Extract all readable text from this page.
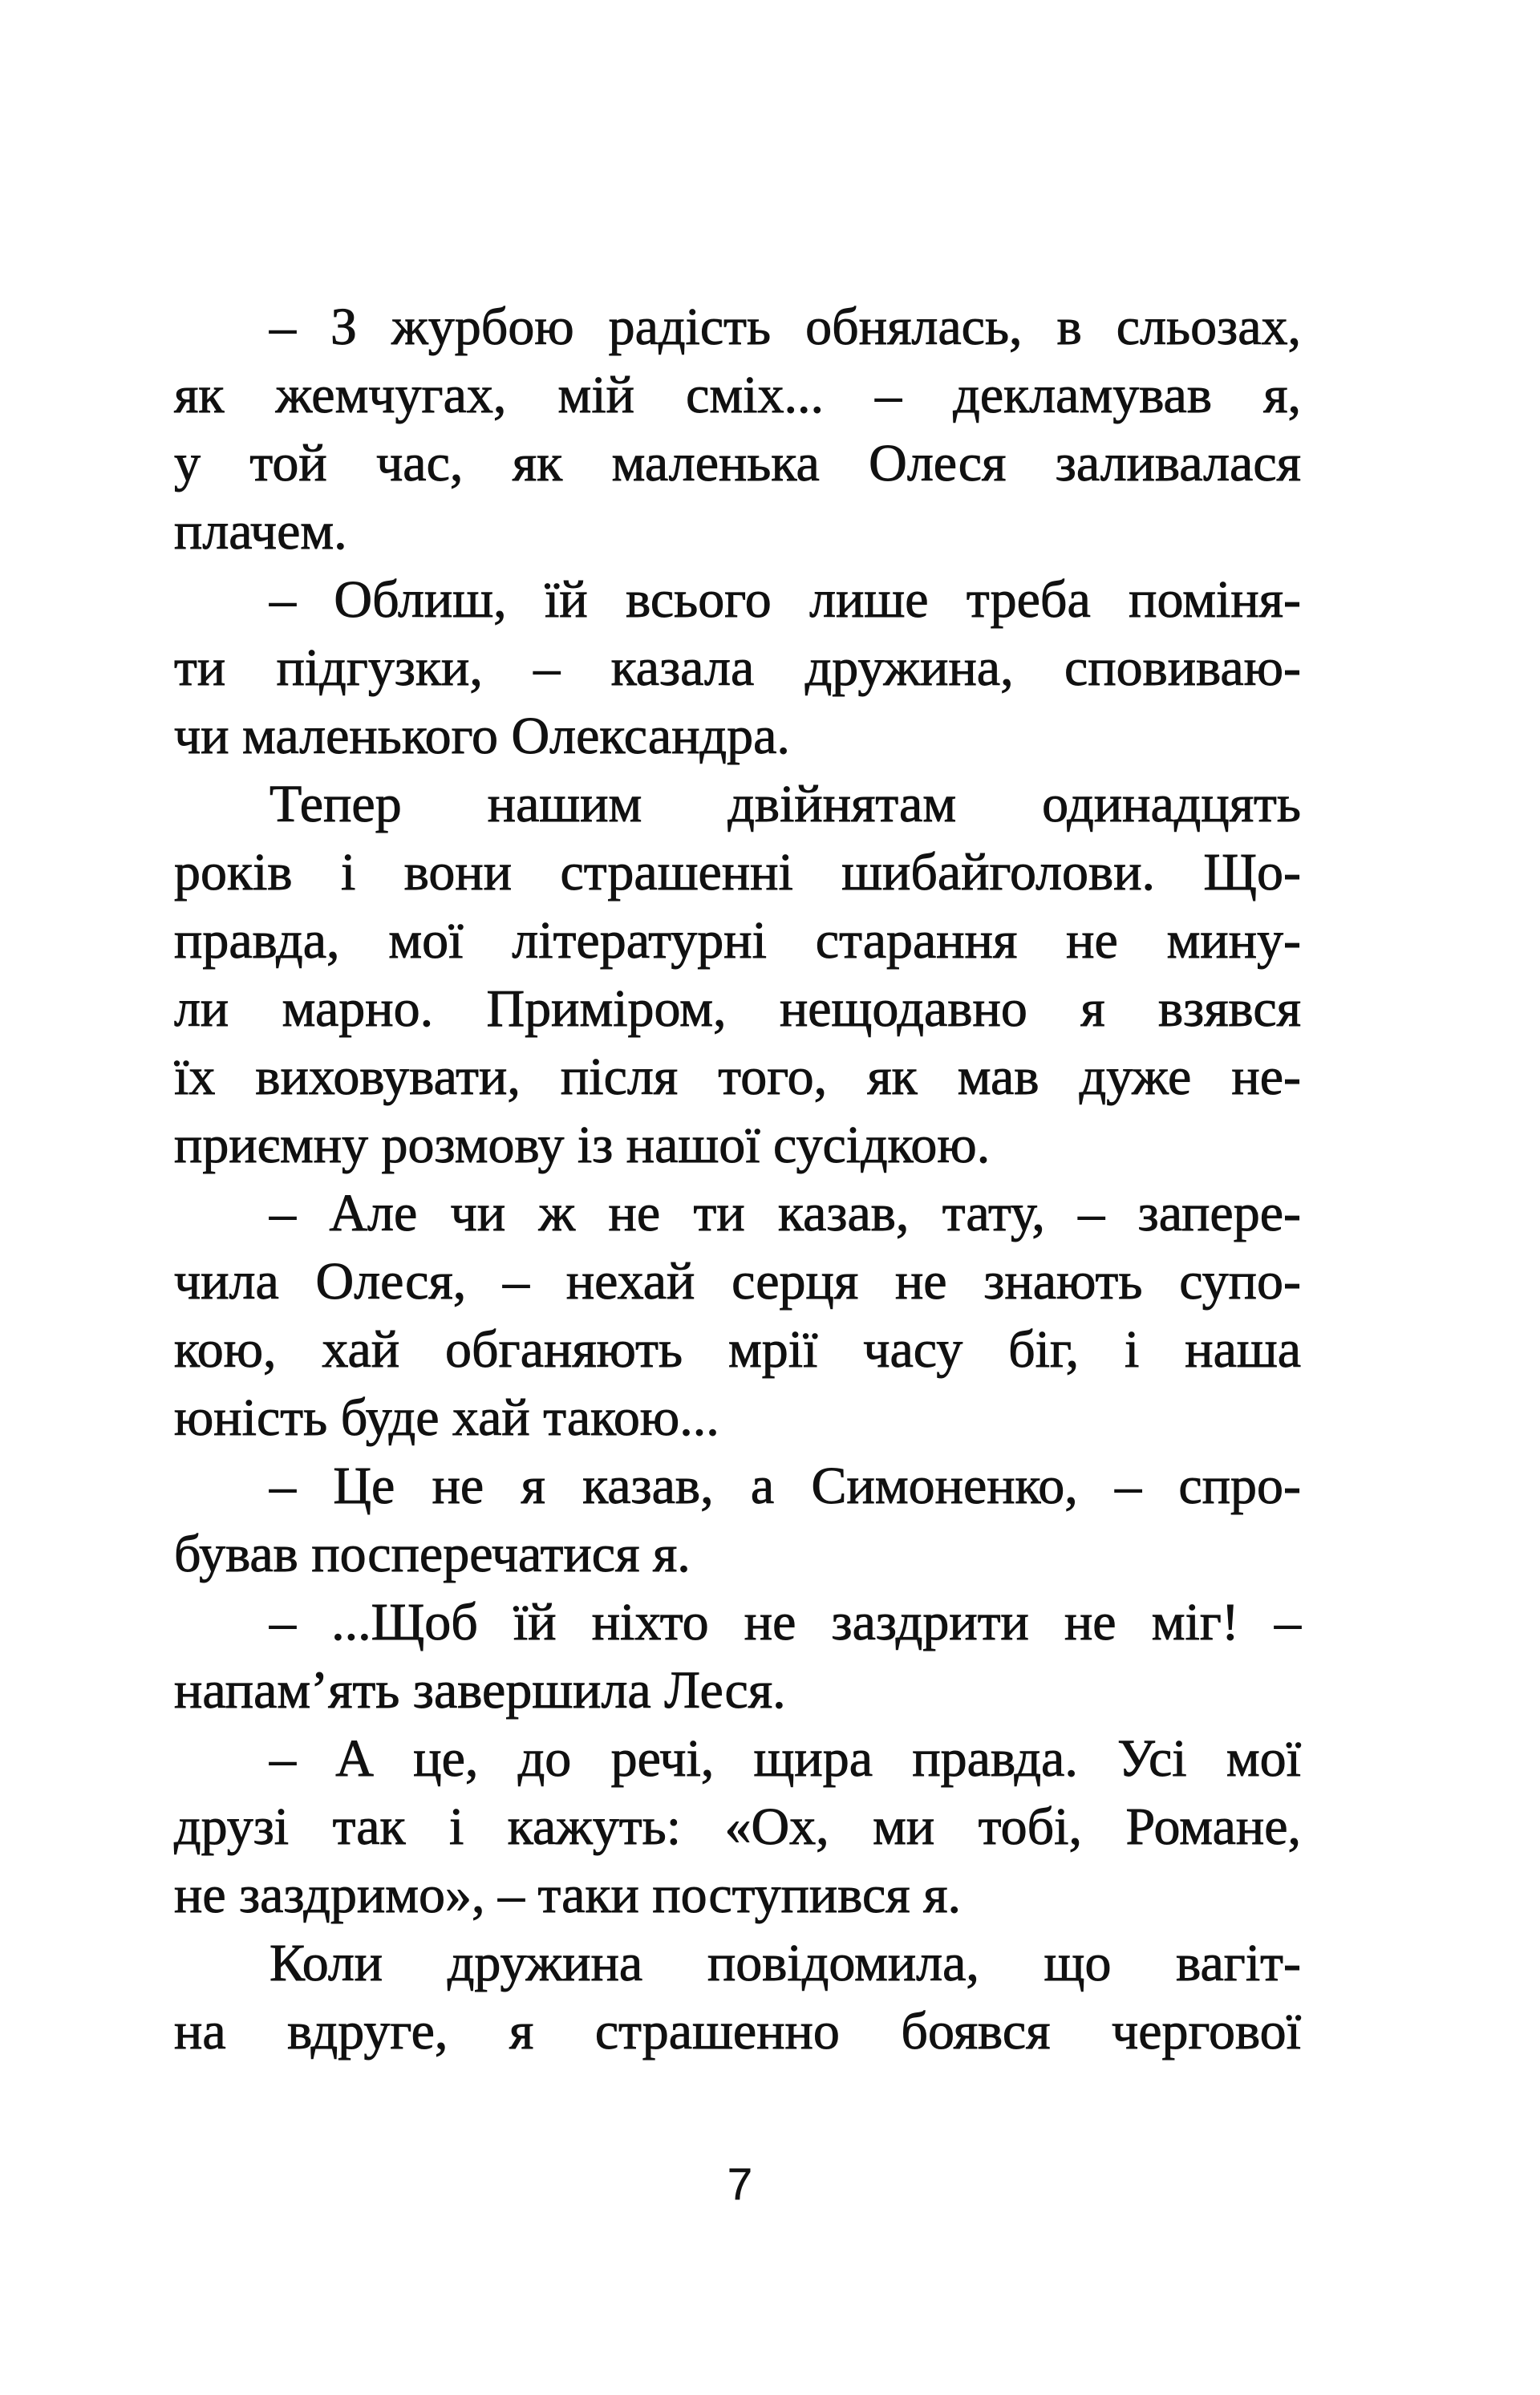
– З журбою радість обнялась, в сльозах,
як жемчугах, мій сміх... – декламував я,
у той час, як маленька Олеся заливалася
плачем.
– Облиш, їй всього лише треба поміня-
ти підгузки, – казала дружина, сповиваю-
чи маленького Олександра.
Тепер нашим двійнятам одинадцять
років і вони страшенні шибайголови. Що-
правда, мої літературні старання не мину-
ли марно. Приміром, нещодавно я взявся
їх виховувати, після того, як мав дуже не-
приємну розмову із нашої сусідкою.
– Але чи ж не ти казав, тату, – запере-
чила Олеся, – нехай серця не знають супо-
кою, хай обганяють мрії часу біг, і наша
юність буде хай такою...
– Це не я казав, а Симоненко, – спро-
бував посперечатися я.
– ...Щоб їй ніхто не заздрити не міг! –
напам’ять завершила Леся.
– А це, до речі, щира правда. Усі мої
друзі так і кажуть: «Ох, ми тобі, Романе,
не заздримо», – таки поступився я.
Коли дружина повідомила, що вагіт-
на вдруге, я страшенно боявся чергової
7
